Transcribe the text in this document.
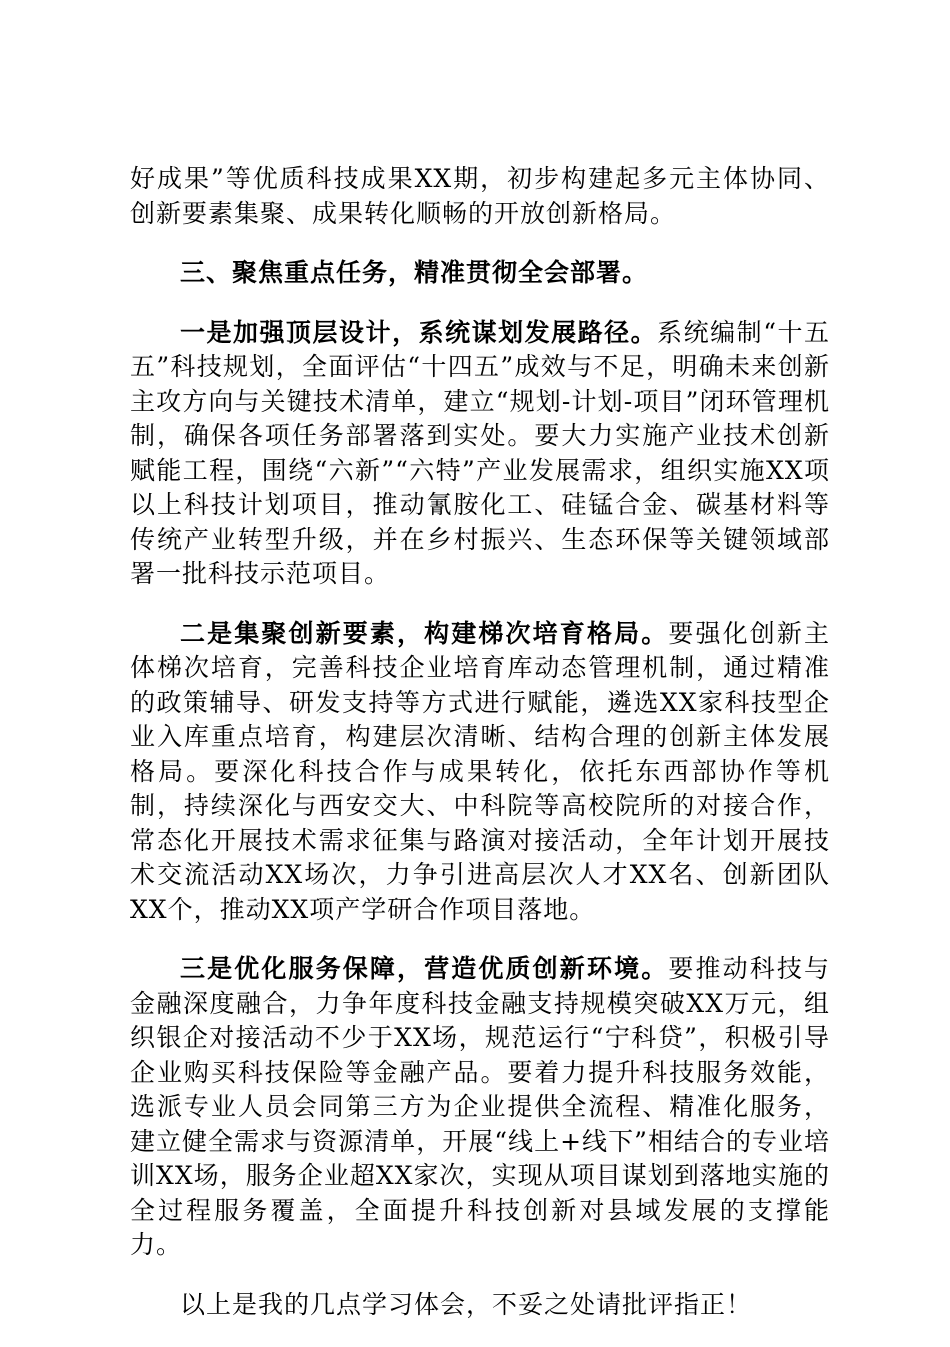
好成果”等优质科技成果XX期，初步构建起多元主体协同、创新要素集聚、成果转化顺畅的开放创新格局。

三、聚焦重点任务，精准贯彻全会部署。

一是加强顶层设计，系统谋划发展路径。系统编制“十五五”科技规划，全面评估“十四五”成效与不足，明确未来创新主攻方向与关键技术清单，建立“规划-计划-项目”闭环管理机制，确保各项任务部署落到实处。要大力实施产业技术创新赋能工程，围绕“六新”“六特”产业发展需求，组织实施XX项以上科技计划项目，推动氰胺化工、硅锰合金、碳基材料等传统产业转型升级，并在乡村振兴、生态环保等关键领域部署一批科技示范项目。

二是集聚创新要素，构建梯次培育格局。要强化创新主体梯次培育，完善科技企业培育库动态管理机制，通过精准的政策辅导、研发支持等方式进行赋能，遴选XX家科技型企业入库重点培育，构建层次清晰、结构合理的创新主体发展格局。要深化科技合作与成果转化，依托东西部协作等机制，持续深化与西安交大、中科院等高校院所的对接合作，常态化开展技术需求征集与路演对接活动，全年计划开展技术交流活动XX场次，力争引进高层次人才XX名、创新团队XX个，推动XX项产学研合作项目落地。

三是优化服务保障，营造优质创新环境。要推动科技与金融深度融合，力争年度科技金融支持规模突破XX万元，组织银企对接活动不少于XX场，规范运行“宁科贷”，积极引导企业购买科技保险等金融产品。要着力提升科技服务效能，选派专业人员会同第三方为企业提供全流程、精准化服务，建立健全需求与资源清单，开展“线上+线下”相结合的专业培训XX场，服务企业超XX家次，实现从项目谋划到落地实施的全过程服务覆盖，全面提升科技创新对县域发展的支撑能力。

以上是我的几点学习体会，不妥之处请批评指正！
